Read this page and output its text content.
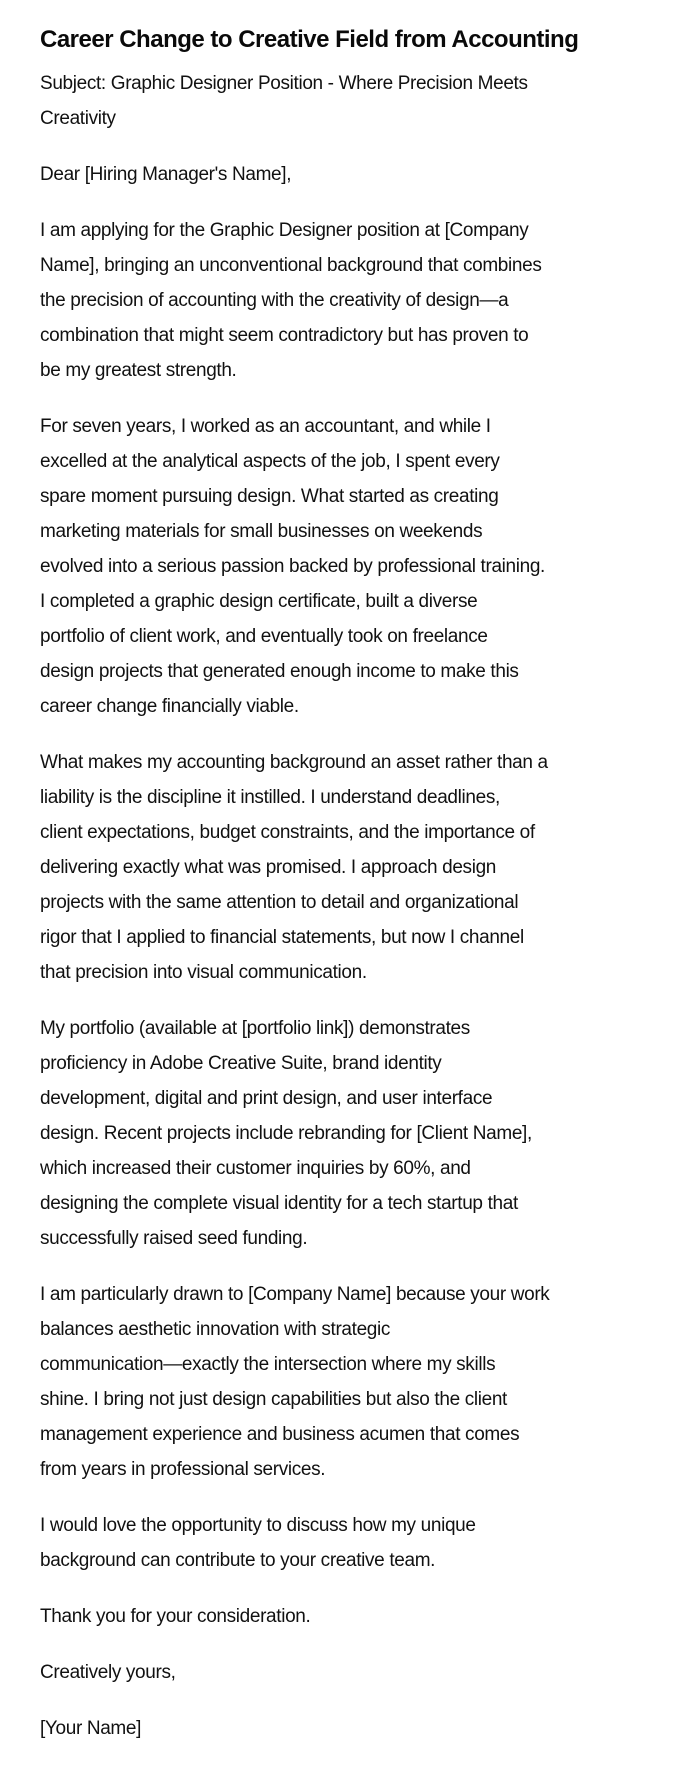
Career Change to Creative Field from Accounting

Subject: Graphic Designer Position - Where Precision Meets
Creativity

Dear [Hiring Manager's Name],

I am applying for the Graphic Designer position at [Company
Name], bringing an unconventional background that combines
the precision of accounting with the creativity of design—a
combination that might seem contradictory but has proven to
be my greatest strength.

For seven years, I worked as an accountant, and while I
excelled at the analytical aspects of the job, I spent every
spare moment pursuing design. What started as creating
marketing materials for small businesses on weekends
evolved into a serious passion backed by professional training.
I completed a graphic design certificate, built a diverse
portfolio of client work, and eventually took on freelance
design projects that generated enough income to make this
career change financially viable.

What makes my accounting background an asset rather than a
liability is the discipline it instilled. I understand deadlines,
client expectations, budget constraints, and the importance of
delivering exactly what was promised. I approach design
projects with the same attention to detail and organizational
rigor that I applied to financial statements, but now I channel
that precision into visual communication.

My portfolio (available at [portfolio link]) demonstrates
proficiency in Adobe Creative Suite, brand identity
development, digital and print design, and user interface
design. Recent projects include rebranding for [Client Name],
which increased their customer inquiries by 60%, and
designing the complete visual identity for a tech startup that
successfully raised seed funding.

I am particularly drawn to [Company Name] because your work
balances aesthetic innovation with strategic
communication—exactly the intersection where my skills
shine. I bring not just design capabilities but also the client
management experience and business acumen that comes
from years in professional services.

I would love the opportunity to discuss how my unique
background can contribute to your creative team.

Thank you for your consideration.

Creatively yours,

[Your Name]
